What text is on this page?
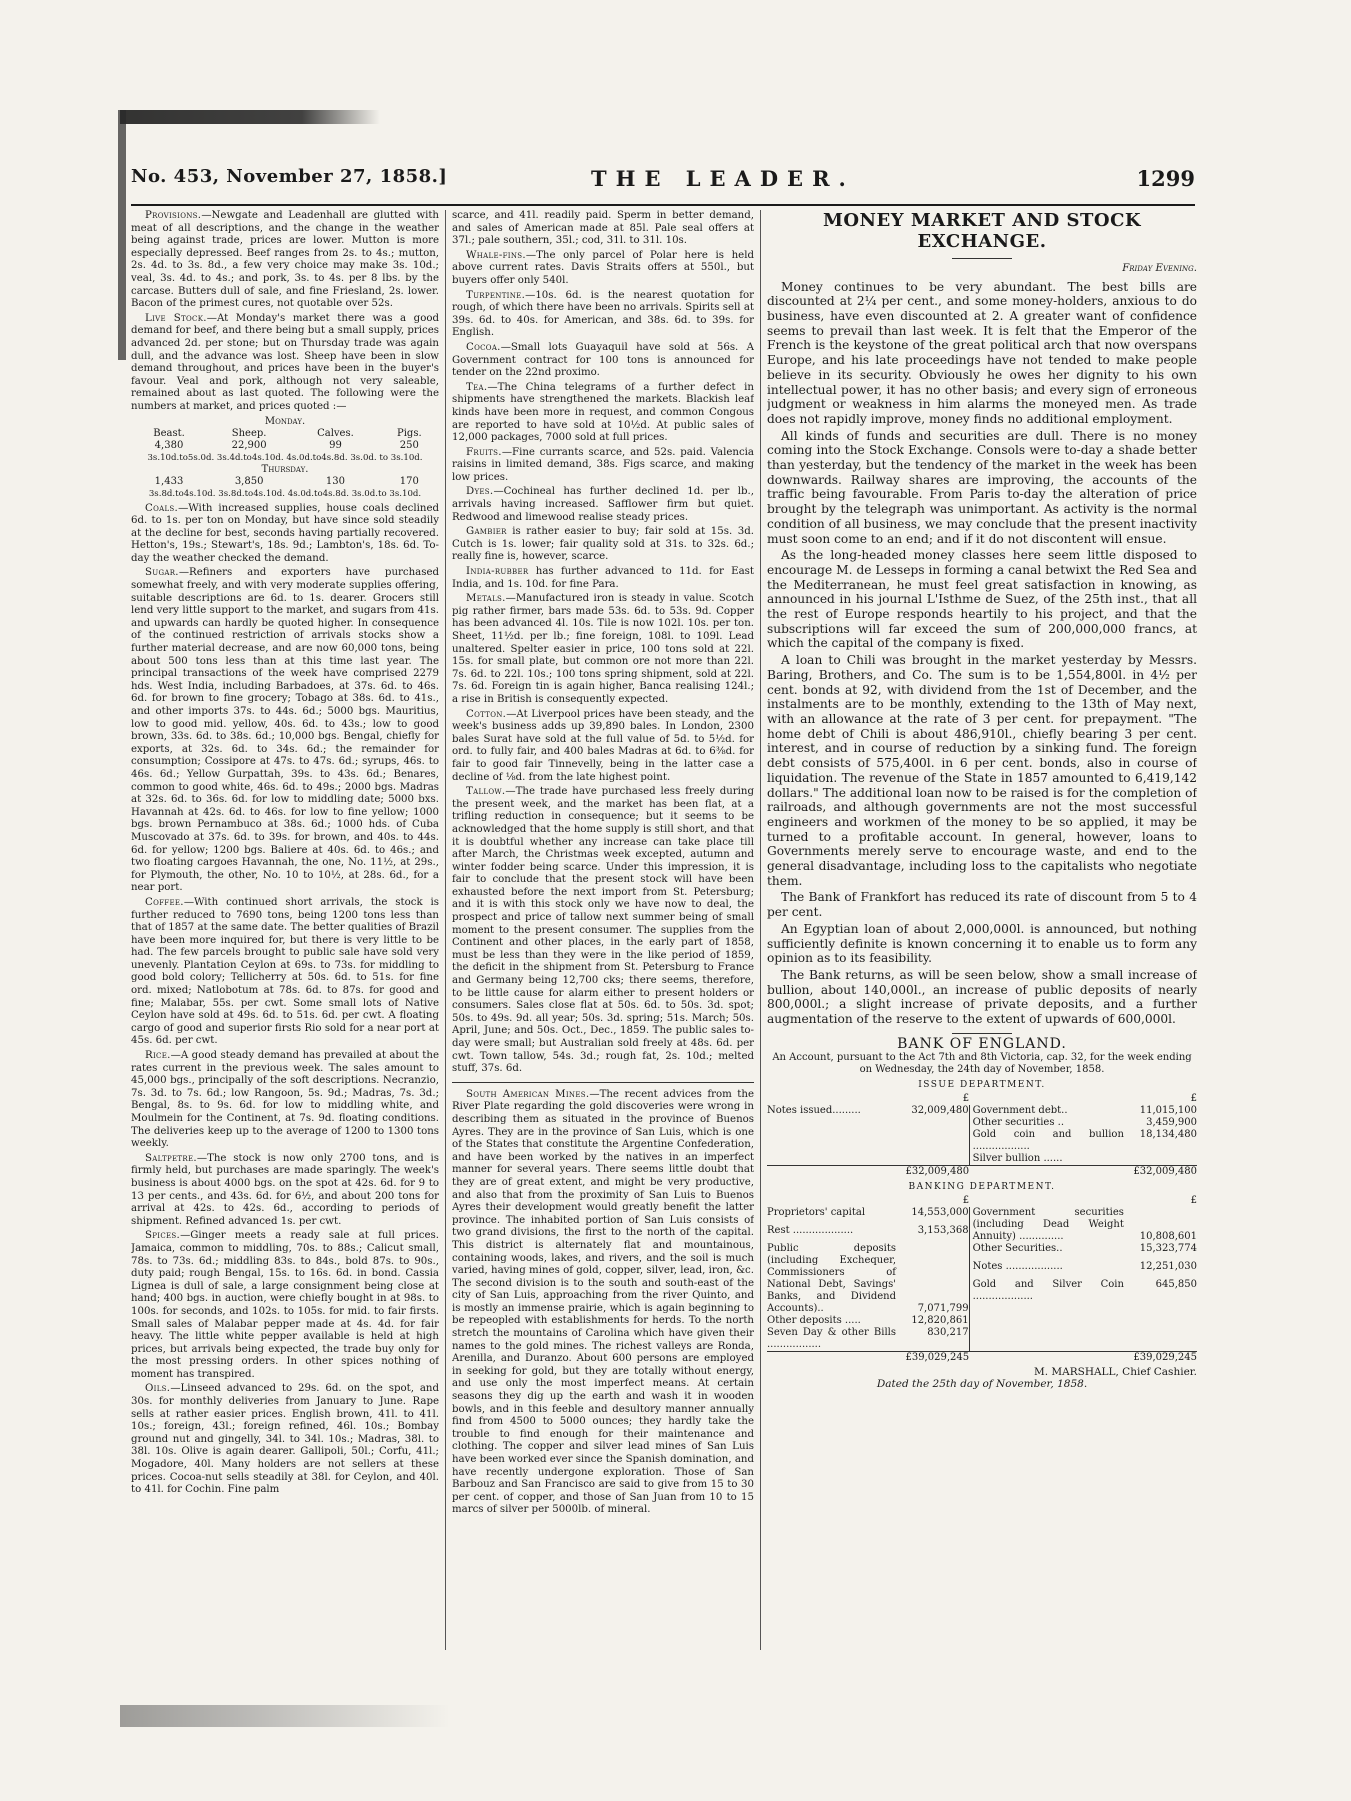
No. 453, November 27, 1858.]	THE LEADER.	1299

Provisions.—Newgate and Leadenhall are glutted with meat of all descriptions, and the change in the weather being against trade, prices are lower. Mutton is more especially depressed. Beef ranges from 2s. to 4s.; mutton, 2s. 4d. to 3s. 8d., a few very choice may make 3s. 10d.; veal, 3s. 4d. to 4s.; and pork, 3s. to 4s. per 8 lbs. by the carcase. Butters dull of sale, and fine Friesland, 2s. lower. Bacon of the primest cures, not quotable over 52s.

Live Stock.—At Monday's market there was a good demand for beef, and there being but a small supply, prices advanced 2d. per stone; but on Thursday trade was again dull, and the advance was lost. Sheep have been in slow demand throughout, and prices have been in the buyer's favour. Veal and pork, although not very saleable, remained about as last quoted. The following were the numbers at market, and prices quoted :—

Monday.			
Beast.	Sheep.	Calves.	Pigs.
4,380	22,900	99	250
3s.10d.to5s.0d. 3s.4d.to4s.10d. 4s.0d.to4s.8d. 3s.0d. to 3s.10d.			
Thursday.			
1,433	3,850	130	170
3s.8d.to4s.10d. 3s.8d.to4s.10d. 4s.0d.to4s.8d. 3s.0d.to 3s.10d.			

Coals.—With increased supplies, house coals declined 6d. to 1s. per ton on Monday, but have since sold steadily at the decline for best, seconds having partially recovered. Hetton's, 19s.; Stewart's, 18s. 9d.; Lambton's, 18s. 6d. To-day the weather checked the demand.

Sugar.—Refiners and exporters have purchased somewhat freely, and with very moderate supplies offering, suitable descriptions are 6d. to 1s. dearer. Grocers still lend very little support to the market, and sugars from 41s. and upwards can hardly be quoted higher. In consequence of the continued restriction of arrivals stocks show a further material decrease, and are now 60,000 tons, being about 500 tons less than at this time last year. The principal transactions of the week have comprised 2279 hds. West India, including Barbadoes, at 37s. 6d. to 46s. 6d. for brown to fine grocery; Tobago at 38s. 6d. to 41s., and other imports 37s. to 44s. 6d.; 5000 bgs. Mauritius, low to good mid. yellow, 40s. 6d. to 43s.; low to good brown, 33s. 6d. to 38s. 6d.; 10,000 bgs. Bengal, chiefly for exports, at 32s. 6d. to 34s. 6d.; the remainder for consumption; Cossipore at 47s. to 47s. 6d.; syrups, 46s. to 46s. 6d.; Yellow Gurpattah, 39s. to 43s. 6d.; Benares, common to good white, 46s. 6d. to 49s.; 2000 bgs. Madras at 32s. 6d. to 36s. 6d. for low to middling date; 5000 bxs. Havannah at 42s. 6d. to 46s. for low to fine yellow; 1000 bgs. brown Pernambuco at 38s. 6d.; 1000 hds. of Cuba Muscovado at 37s. 6d. to 39s. for brown, and 40s. to 44s. 6d. for yellow; 1200 bgs. Baliere at 40s. 6d. to 46s.; and two floating cargoes Havannah, the one, No. 11½, at 29s., for Plymouth, the other, No. 10 to 10½, at 28s. 6d., for a near port.

Coffee.—With continued short arrivals, the stock is further reduced to 7690 tons, being 1200 tons less than that of 1857 at the same date. The better qualities of Brazil have been more inquired for, but there is very little to be had. The few parcels brought to public sale have sold very unevenly. Plantation Ceylon at 69s. to 73s. for middling to good bold colory; Tellicherry at 50s. 6d. to 51s. for fine ord. mixed; Natlobotum at 78s. 6d. to 87s. for good and fine; Malabar, 55s. per cwt. Some small lots of Native Ceylon have sold at 49s. 6d. to 51s. 6d. per cwt. A floating cargo of good and superior firsts Rio sold for a near port at 45s. 6d. per cwt.

Rice.—A good steady demand has prevailed at about the rates current in the previous week. The sales amount to 45,000 bgs., principally of the soft descriptions. Necranzio, 7s. 3d. to 7s. 6d.; low Rangoon, 5s. 9d.; Madras, 7s. 3d.; Bengal, 8s. to 9s. 6d. for low to middling white, and Moulmein for the Continent, at 7s. 9d. floating conditions. The deliveries keep up to the average of 1200 to 1300 tons weekly.

Saltpetre.—The stock is now only 2700 tons, and is firmly held, but purchases are made sparingly. The week's business is about 4000 bgs. on the spot at 42s. 6d. for 9 to 13 per cents., and 43s. 6d. for 6½, and about 200 tons for arrival at 42s. to 42s. 6d., according to periods of shipment. Refined advanced 1s. per cwt.

Spices.—Ginger meets a ready sale at full prices. Jamaica, common to middling, 70s. to 88s.; Calicut small, 78s. to 73s. 6d.; middling 83s. to 84s., bold 87s. to 90s., duty paid; rough Bengal, 15s. to 16s. 6d. in bond. Cassia Lignea is dull of sale, a large consignment being close at hand; 400 bgs. in auction, were chiefly bought in at 98s. to 100s. for seconds, and 102s. to 105s. for mid. to fair firsts. Small sales of Malabar pepper made at 4s. 4d. for fair heavy. The little white pepper available is held at high prices, but arrivals being expected, the trade buy only for the most pressing orders. In other spices nothing of moment has transpired.

Oils.—Linseed advanced to 29s. 6d. on the spot, and 30s. for monthly deliveries from January to June. Rape sells at rather easier prices. English brown, 41l. to 41l. 10s.; foreign, 43l.; foreign refined, 46l. 10s.; Bombay ground nut and gingelly, 34l. to 34l. 10s.; Madras, 38l. to 38l. 10s. Olive is again dearer. Gallipoli, 50l.; Corfu, 41l.; Mogadore, 40l. Many holders are not sellers at these prices. Cocoa-nut sells steadily at 38l. for Ceylon, and 40l. to 41l. for Cochin. Fine palm

scarce, and 41l. readily paid. Sperm in better demand, and sales of American made at 85l. Pale seal offers at 37l.; pale southern, 35l.; cod, 31l. to 31l. 10s.

Whale-fins.—The only parcel of Polar here is held above current rates. Davis Straits offers at 550l., but buyers offer only 540l.

Turpentine.—10s. 6d. is the nearest quotation for rough, of which there have been no arrivals. Spirits sell at 39s. 6d. to 40s. for American, and 38s. 6d. to 39s. for English.

Cocoa.—Small lots Guayaquil have sold at 56s. A Government contract for 100 tons is announced for tender on the 22nd proximo.

Tea.—The China telegrams of a further defect in shipments have strengthened the markets. Blackish leaf kinds have been more in request, and common Congous are reported to have sold at 10½d. At public sales of 12,000 packages, 7000 sold at full prices.

Fruits.—Fine currants scarce, and 52s. paid. Valencia raisins in limited demand, 38s. Figs scarce, and making low prices.

Dyes.—Cochineal has further declined 1d. per lb., arrivals having increased. Safflower firm but quiet. Redwood and limewood realise steady prices.

Gambier is rather easier to buy; fair sold at 15s. 3d. Cutch is 1s. lower; fair quality sold at 31s. to 32s. 6d.; really fine is, however, scarce.

India-rubber has further advanced to 11d. for East India, and 1s. 10d. for fine Para.

Metals.—Manufactured iron is steady in value. Scotch pig rather firmer, bars made 53s. 6d. to 53s. 9d. Copper has been advanced 4l. 10s. Tile is now 102l. 10s. per ton. Sheet, 11½d. per lb.; fine foreign, 108l. to 109l. Lead unaltered. Spelter easier in price, 100 tons sold at 22l. 15s. for small plate, but common ore not more than 22l. 7s. 6d. to 22l. 10s.; 100 tons spring shipment, sold at 22l. 7s. 6d. Foreign tin is again higher, Banca realising 124l.; a rise in British is consequently expected.

Cotton.—At Liverpool prices have been steady, and the week's business adds up 39,890 bales. In London, 2300 bales Surat have sold at the full value of 5d. to 5½d. for ord. to fully fair, and 400 bales Madras at 6d. to 6⅜d. for fair to good fair Tinnevelly, being in the latter case a decline of ⅛d. from the late highest point.

Tallow.—The trade have purchased less freely during the present week, and the market has been flat, at a trifling reduction in consequence; but it seems to be acknowledged that the home supply is still short, and that it is doubtful whether any increase can take place till after March, the Christmas week excepted, autumn and winter fodder being scarce. Under this impression, it is fair to conclude that the present stock will have been exhausted before the next import from St. Petersburg; and it is with this stock only we have now to deal, the prospect and price of tallow next summer being of small moment to the present consumer. The supplies from the Continent and other places, in the early part of 1858, must be less than they were in the like period of 1859, the deficit in the shipment from St. Petersburg to France and Germany being 12,700 cks; there seems, therefore, to be little cause for alarm either to present holders or consumers. Sales close flat at 50s. 6d. to 50s. 3d. spot; 50s. to 49s. 9d. all year; 50s. 3d. spring; 51s. March; 50s. April, June; and 50s. Oct., Dec., 1859. The public sales to-day were small; but Australian sold freely at 48s. 6d. per cwt. Town tallow, 54s. 3d.; rough fat, 2s. 10d.; melted stuff, 37s. 6d.

South American Mines.—The recent advices from the River Plate regarding the gold discoveries were wrong in describing them as situated in the province of Buenos Ayres. They are in the province of San Luis, which is one of the States that constitute the Argentine Confederation, and have been worked by the natives in an imperfect manner for several years. There seems little doubt that they are of great extent, and might be very productive, and also that from the proximity of San Luis to Buenos Ayres their development would greatly benefit the latter province. The inhabited portion of San Luis consists of two grand divisions, the first to the north of the capital. This district is alternately flat and mountainous, containing woods, lakes, and rivers, and the soil is much varied, having mines of gold, copper, silver, lead, iron, &c. The second division is to the south and south-east of the city of San Luis, approaching from the river Quinto, and is mostly an immense prairie, which is again beginning to be repeopled with establishments for herds. To the north stretch the mountains of Carolina which have given their names to the gold mines. The richest valleys are Ronda, Arenilla, and Duranzo. About 600 persons are employed in seeking for gold, but they are totally without energy, and use only the most imperfect means. At certain seasons they dig up the earth and wash it in wooden bowls, and in this feeble and desultory manner annually find from 4500 to 5000 ounces; they hardly take the trouble to find enough for their maintenance and clothing. The copper and silver lead mines of San Luis have been worked ever since the Spanish domination, and have recently undergone exploration. Those of San Barbouz and San Francisco are said to give from 15 to 30 per cent. of copper, and those of San Juan from 10 to 15 marcs of silver per 5000lb. of mineral.

MONEY MARKET AND STOCK EXCHANGE.
Friday Evening.

Money continues to be very abundant. The best bills are discounted at 2¼ per cent., and some money-holders, anxious to do business, have even discounted at 2. A greater want of confidence seems to prevail than last week. It is felt that the Emperor of the French is the keystone of the great political arch that now overspans Europe, and his late proceedings have not tended to make people believe in its security. Obviously he owes her dignity to his own intellectual power, it has no other basis; and every sign of erroneous judgment or weakness in him alarms the moneyed men. As trade does not rapidly improve, money finds no additional employment.

All kinds of funds and securities are dull. There is no money coming into the Stock Exchange. Consols were to-day a shade better than yesterday, but the tendency of the market in the week has been downwards. Railway shares are improving, the accounts of the traffic being favourable. From Paris to-day the alteration of price brought by the telegraph was unimportant. As activity is the normal condition of all business, we may conclude that the present inactivity must soon come to an end; and if it do not discontent will ensue.

As the long-headed money classes here seem little disposed to encourage M. de Lesseps in forming a canal betwixt the Red Sea and the Mediterranean, he must feel great satisfaction in knowing, as announced in his journal L'Isthme de Suez, of the 25th inst., that all the rest of Europe responds heartily to his project, and that the subscriptions will far exceed the sum of 200,000,000 francs, at which the capital of the company is fixed.

A loan to Chili was brought in the market yesterday by Messrs. Baring, Brothers, and Co. The sum is to be 1,554,800l. in 4½ per cent. bonds at 92, with dividend from the 1st of December, and the instalments are to be monthly, extending to the 13th of May next, with an allowance at the rate of 3 per cent. for prepayment. "The home debt of Chili is about 486,910l., chiefly bearing 3 per cent. interest, and in course of reduction by a sinking fund. The foreign debt consists of 575,400l. in 6 per cent. bonds, also in course of liquidation. The revenue of the State in 1857 amounted to 6,419,142 dollars." The additional loan now to be raised is for the completion of railroads, and although governments are not the most successful engineers and workmen of the money to be so applied, it may be turned to a profitable account. In general, however, loans to Governments merely serve to encourage waste, and end to the general disadvantage, including loss to the capitalists who negotiate them.

The Bank of Frankfort has reduced its rate of discount from 5 to 4 per cent.

An Egyptian loan of about 2,000,000l. is announced, but nothing sufficiently definite is known concerning it to enable us to form any opinion as to its feasibility.

The Bank returns, as will be seen below, show a small increase of bullion, about 140,000l., an increase of public deposits of nearly 800,000l.; a slight increase of private deposits, and a further augmentation of the reserve to the extent of upwards of 600,000l.

BANK OF ENGLAND.
An Account, pursuant to the Act 7th and 8th Victoria, cap. 32, for the week ending on Wednesday, the 24th day of November, 1858.
ISSUE DEPARTMENT.
	£		£
Notes issued.........	32,009,480	Government debt..	11,015,100
		Other securities ..	3,459,900
		Gold coin and bullion ..................	18,134,480
		Silver bullion ......	
	£32,009,480		£32,009,480
BANKING DEPARTMENT.
	£		£
Proprietors' capital	14,553,000	Government securities (including Dead Weight Annuity) ..............	10,808,601
Rest ...................	3,153,368		
Public deposits (including Exchequer, Commissioners of National Debt, Savings' Banks, and Dividend Accounts)..	7,071,799	Other Securities..	15,323,774
		Notes ..................	12,251,030
		Gold and Silver Coin ...................	645,850
Other deposits .....	12,820,861		
Seven Day & other Bills .................	830,217		
	£39,029,245		£39,029,245
M. MARSHALL, Chief Cashier.
Dated the 25th day of November, 1858.
